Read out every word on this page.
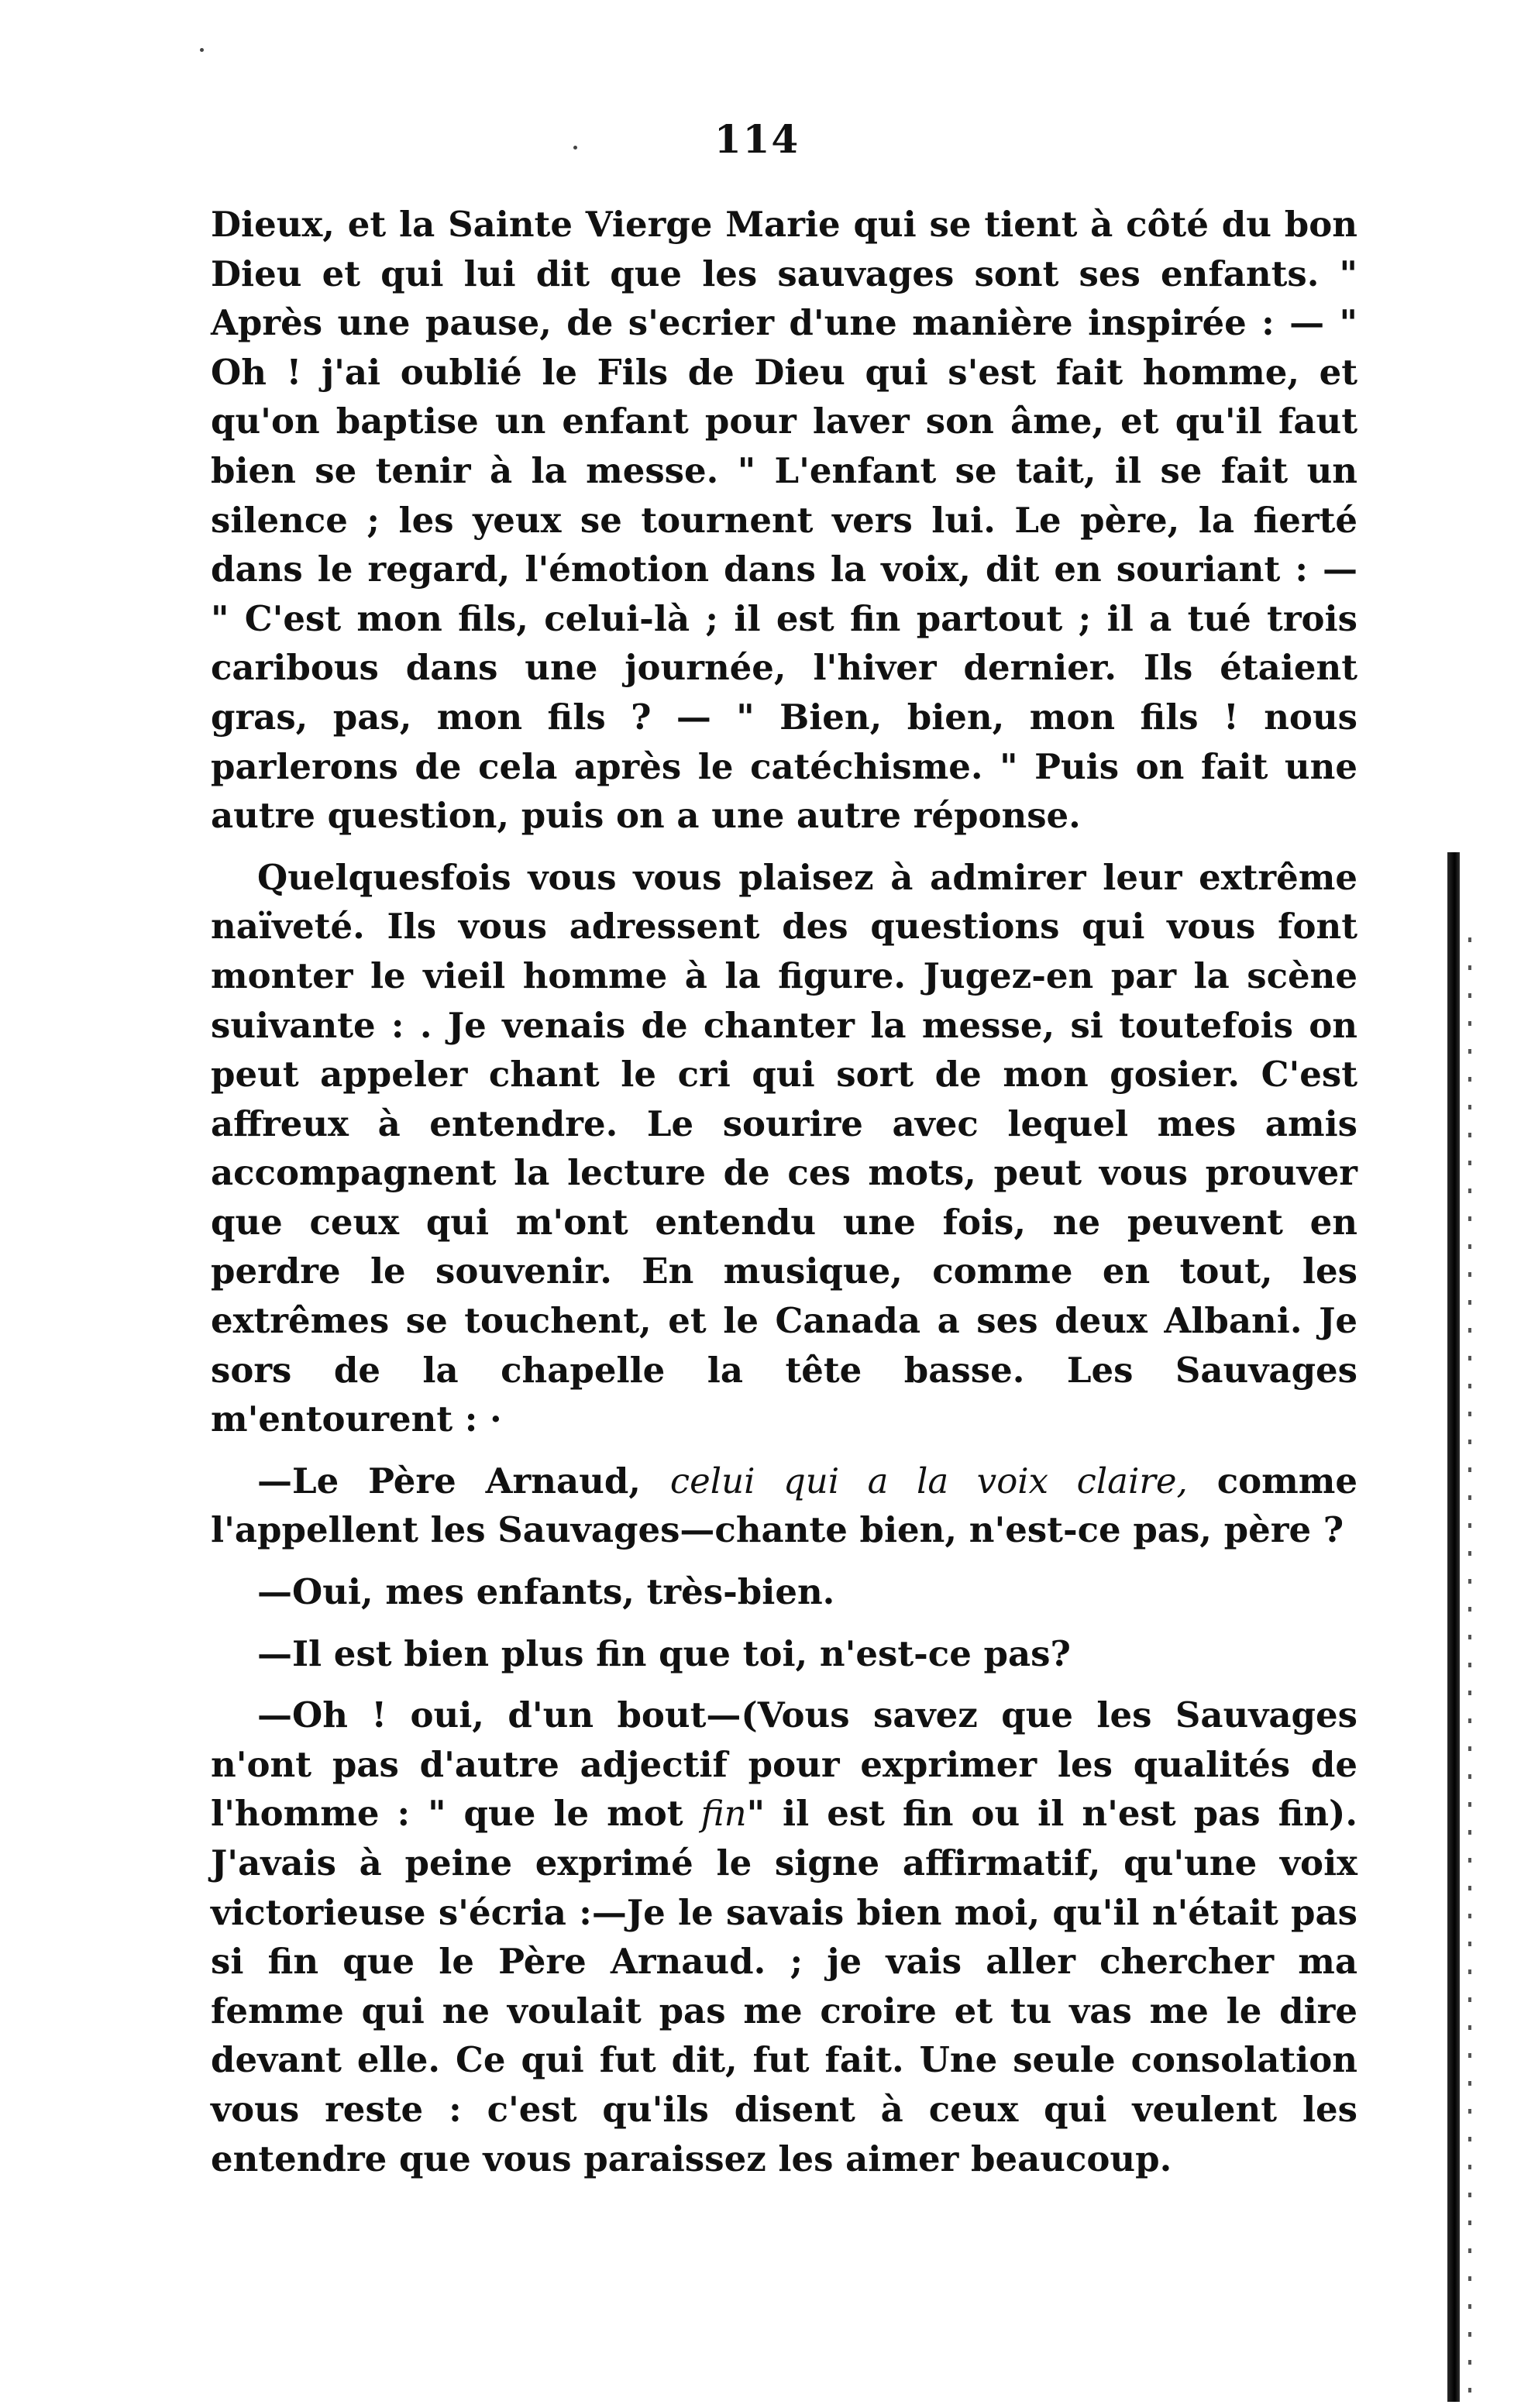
114

Dieux, et la Sainte Vierge Marie qui se tient à côté du bon Dieu et qui lui dit que les sauvages sont ses enfants. " Après une pause, de s'ecrier d'une manière inspirée : — " Oh ! j'ai oublié le Fils de Dieu qui s'est fait homme, et qu'on baptise un enfant pour laver son âme, et qu'il faut bien se tenir à la messe. " L'enfant se tait, il se fait un silence ; les yeux se tournent vers lui. Le père, la fierté dans le regard, l'émotion dans la voix, dit en souriant : — " C'est mon fils, celui-là ; il est fin partout ; il a tué trois caribous dans une journée, l'hiver dernier. Ils étaient gras, pas, mon fils ? — " Bien, bien, mon fils ! nous parlerons de cela après le catéchisme. " Puis on fait une autre question, puis on a une autre réponse.

Quelquesfois vous vous plaisez à admirer leur extrême naïveté. Ils vous adressent des questions qui vous font monter le vieil homme à la figure. Jugez-en par la scène suivante : . Je venais de chanter la messe, si toutefois on peut appeler chant le cri qui sort de mon gosier. C'est affreux à entendre. Le sourire avec lequel mes amis accompagnent la lecture de ces mots, peut vous prouver que ceux qui m'ont entendu une fois, ne peuvent en perdre le souvenir. En musique, comme en tout, les extrêmes se touchent, et le Canada a ses deux Albani. Je sors de la chapelle la tête basse. Les Sauvages m'entourent : ·

—Le Père Arnaud, celui qui a la voix claire, comme l'appellent les Sauvages—chante bien, n'est-ce pas, père ?

—Oui, mes enfants, très-bien.

—Il est bien plus fin que toi, n'est-ce pas?

—Oh ! oui, d'un bout—(Vous savez que les Sauvages n'ont pas d'autre adjectif pour exprimer les qualités de l'homme : " que le mot fin" il est fin ou il n'est pas fin). J'avais à peine exprimé le signe affirmatif, qu'une voix victorieuse s'écria :—Je le savais bien moi, qu'il n'était pas si fin que le Père Arnaud. ; je vais aller chercher ma femme qui ne voulait pas me croire et tu vas me le dire devant elle. Ce qui fut dit, fut fait. Une seule consolation vous reste : c'est qu'ils disent à ceux qui veulent les entendre que vous paraissez les aimer beaucoup.
